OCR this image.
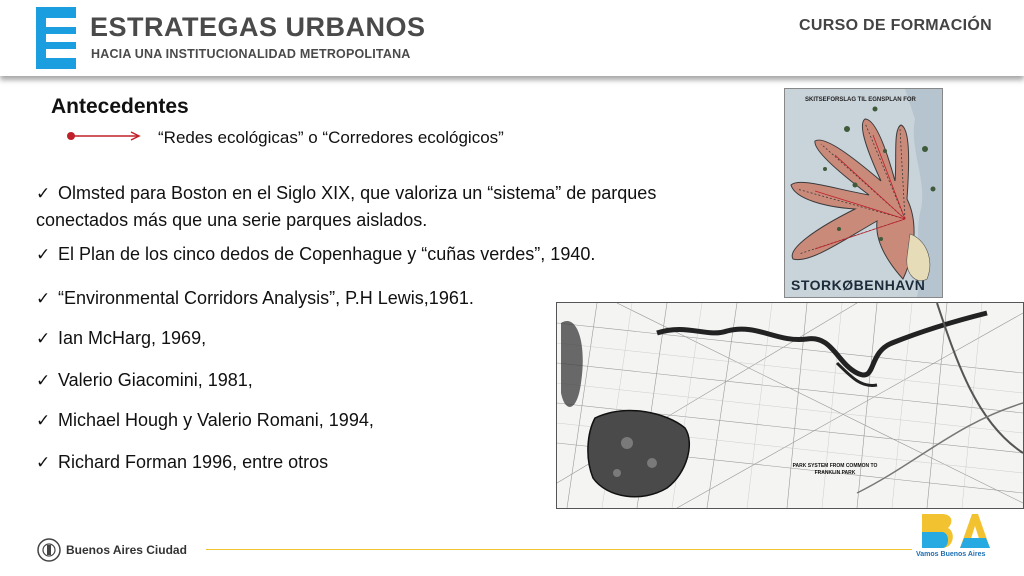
ESTRATEGAS URBANOS
HACIA UNA INSTITUCIONALIDAD METROPOLITANA
CURSO DE FORMACIÓN
Antecedentes
“Redes ecológicas” o “Corredores ecológicos”
✓ Olmsted para Boston en el Siglo XIX, que valoriza un “sistema” de parques conectados más que una serie parques aislados.
✓ El Plan de los cinco dedos de Copenhague y “cuñas verdes”, 1940.
✓ “Environmental Corridors Analysis”, P.H Lewis,1961.
✓ Ian McHarg, 1969,
✓ Valerio Giacomini, 1981,
✓ Michael Hough y Valerio Romani, 1994,
✓ Richard Forman 1996, entre otros
SKITSEFORSLAG TIL EGNSPLAN FOR
STORKØBENHAVN
PARK SYSTEM FROM COMMON TO FRANKLIN PARK
Buenos Aires Ciudad	Vamos Buenos Aires
